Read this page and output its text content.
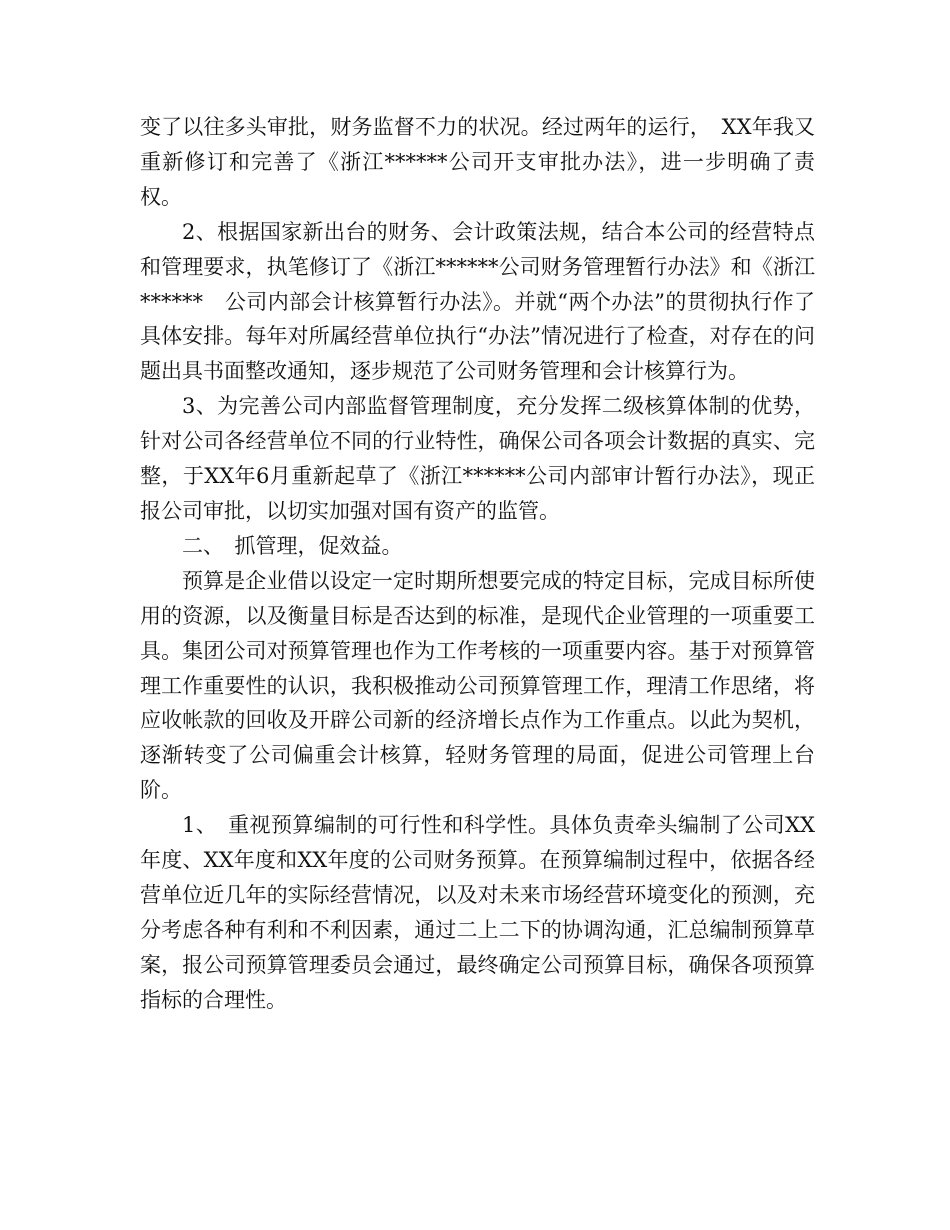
变了以往多头审批，财务监督不力的状况。经过两年的运行，　XX年我又重新修订和完善了《浙江******公司开支审批办法》，进一步明确了责权。

2、根据国家新出台的财务、会计政策法规，结合本公司的经营特点和管理要求，执笔修订了《浙江******公司财务管理暂行办法》和《浙江******　公司内部会计核算暂行办法》。并就“两个办法”的贯彻执行作了具体安排。每年对所属经营单位执行“办法”情况进行了检查，对存在的问题出具书面整改通知，逐步规范了公司财务管理和会计核算行为。

3、为完善公司内部监督管理制度，充分发挥二级核算体制的优势，针对公司各经营单位不同的行业特性，确保公司各项会计数据的真实、完整，于XX年6月重新起草了《浙江******公司内部审计暂行办法》，现正报公司审批，以切实加强对国有资产的监管。

二、　抓管理，促效益。

预算是企业借以设定一定时期所想要完成的特定目标，完成目标所使用的资源，以及衡量目标是否达到的标准，是现代企业管理的一项重要工具。集团公司对预算管理也作为工作考核的一项重要内容。基于对预算管理工作重要性的认识，我积极推动公司预算管理工作，理清工作思绪，将应收帐款的回收及开辟公司新的经济增长点作为工作重点。以此为契机，逐渐转变了公司偏重会计核算，轻财务管理的局面，促进公司管理上台阶。

1、　重视预算编制的可行性和科学性。具体负责牵头编制了公司XX年度、XX年度和XX年度的公司财务预算。在预算编制过程中，依据各经营单位近几年的实际经营情况，以及对未来市场经营环境变化的预测，充分考虑各种有利和不利因素，通过二上二下的协调沟通，汇总编制预算草案，报公司预算管理委员会通过，最终确定公司预算目标，确保各项预算指标的合理性。
